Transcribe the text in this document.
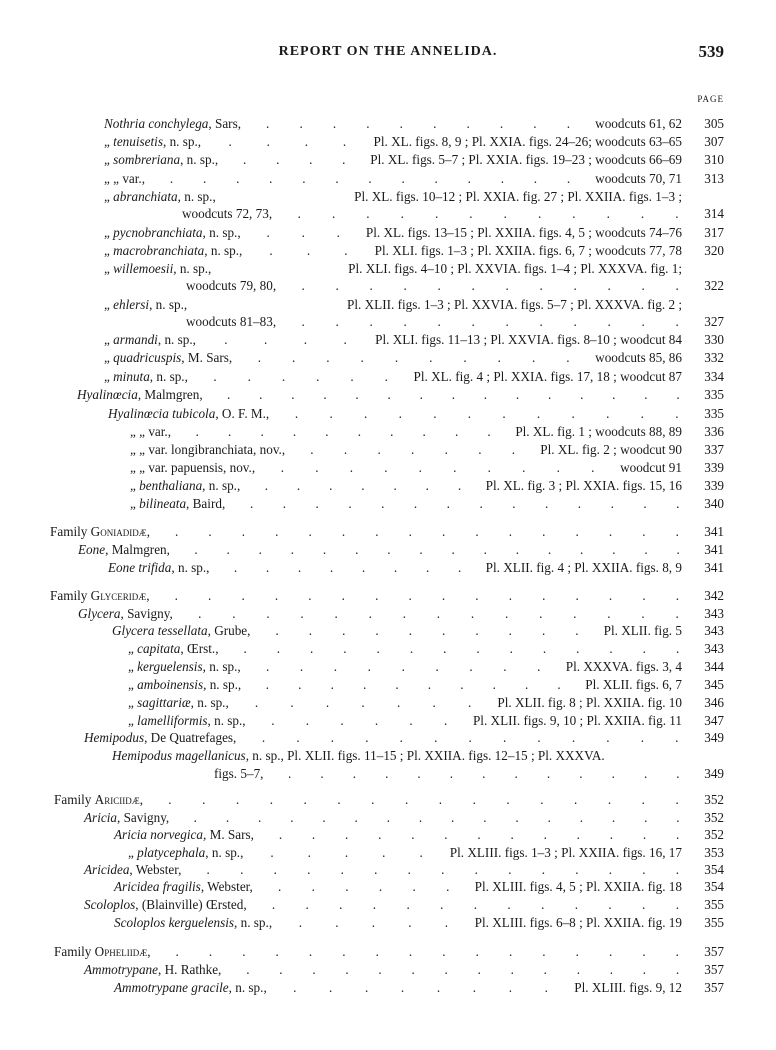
REPORT ON THE ANNELIDA.	539
PAGE
Nothria conchylega, Sars,	woodcuts 61, 62 305
. . . . . . . . . .
„ tenuisetis, n. sp.,	Pl. XL. figs. 8, 9 ; Pl. XXIA. figs. 24–26; woodcuts 63–65 307
.	.	.	.
„ sombreriana, n. sp.,	Pl. XL. figs. 5–7 ; Pl. XXIA. figs. 19–23 ; woodcuts 66–69 310
. . . .
„ „ var.,	woodcuts 70, 71 313
. . . . . . . . . . . . .
„ abranchiata, n. sp.,	Pl. XL. figs. 10–12 ; Pl. XXIA. fig. 27 ; Pl. XXIIA. figs. 1–3 ;
woodcuts 72, 73,	314
. . . . . . . . . . . .
„ pycnobranchiata, n. sp.,	Pl. XL. figs. 13–15 ; Pl. XXIIA. figs. 4, 5 ; woodcuts 74–76 317
. . .
„ macrobranchiata, n. sp.,	Pl. XLI. figs. 1–3 ; Pl. XXIIA. figs. 6, 7 ; woodcuts 77, 78 320
.	.	.
„ willemoesii, n. sp.,	Pl. XLI. figs. 4–10 ; Pl. XXVIA. figs. 1–4 ; Pl. XXXVA. fig. 1;
woodcuts 79, 80,	322
. . . . . . . . . . . .
„ ehlersi, n. sp.,	Pl. XLII. figs. 1–3 ; Pl. XXVIA. figs. 5–7 ; Pl. XXXVA. fig. 2 ;
woodcuts 81–83,	327
. . . . . . . . . . . .
„ armandi, n. sp.,	Pl. XLI. figs. 11–13 ; Pl. XXVIA. figs. 8–10 ; woodcut 84 330
.	.	.	.
„ quadricuspis, M. Sars,	woodcuts 85, 86 332
. . . . . . . . . .
„ minuta, n. sp.,	Pl. XL. fig. 4 ; Pl. XXIA. figs. 17, 18 ; woodcut 87 334
. . . . . .
Hyalinœcia, Malmgren,	335
. . . . . . . . . . . . . . .
Hyalinœcia tubicola, O. F. M.,	335
. . . . . . . . . . . .
„ „ var.,	Pl. XL. fig. 1 ; woodcuts 88, 89 336
. . . . . . . . . .
„ „ var. longibranchiata, nov.,	Pl. XL. fig. 2 ; woodcut 90 337
. . . . . . .
„ „ var. papuensis, nov.,	woodcut 91 339
. . . . . . . . . .
„ benthaliana, n. sp.,	Pl. XL. fig. 3 ; Pl. XXIA. figs. 15, 16 339
. . . . . . .
„ bilineata, Baird,	340
. . . . . . . . . . . . . .
Family Goniadidæ,	341
. . . . . . . . . . . . . . . .
Eone, Malmgren,	341
. . . . . . . . . . . . . . . .
Eone trifida, n. sp.,	Pl. XLII. fig. 4 ; Pl. XXIIA. figs. 8, 9 341
. . . . . . . .
Family Glyceridæ,	342
. . . . . . . . . . . . . . . .
Glycera, Savigny,	343
. . . . . . . . . . . . . . .
Glycera tessellata, Grube,	Pl. XLII. fig. 5 343
. . . . . . . . . .
„ capitata, Œrst.,	343
. . . . . . . . . . . . . .
„ kerguelensis, n. sp.,	Pl. XXXVA. figs. 3, 4 344
. . . . . . . . .
„ amboinensis, n. sp.,	Pl. XLII. figs. 6, 7 345
. . . . . . . . . .
„ sagittariæ, n. sp.,	Pl. XLII. fig. 8 ; Pl. XXIIA. fig. 10 346
. . . . . . .
„ lamelliformis, n. sp.,	Pl. XLII. figs. 9, 10 ; Pl. XXIIA. fig. 11 347
. . . . . .
Hemipodus, De Quatrefages,	349
. . . . . . . . . . . . .
Hemipodus magellanicus, n. sp., Pl. XLII. figs. 11–15 ; Pl. XXIIA. figs. 12–15 ; Pl. XXXVA.
figs. 5–7,	349
. . . . . . . . . . . . .
Family Ariciidæ,	352
. . . . . . . . . . . . . . . .
Aricia, Savigny,	352
. . . . . . . . . . . . . . . .
Aricia norvegica, M. Sars,	352
. . . . . . . . . . . . .
„ platycephala, n. sp.,	Pl. XLIII. figs. 1–3 ; Pl. XXIIA. figs. 16, 17 353
.	.	.	.	.
Aricidea, Webster,	354
. . . . . . . . . . . . . . .
Aricidea fragilis, Webster,	Pl. XLIII. figs. 4, 5 ; Pl. XXIIA. fig. 18 354
. . . . . .
Scoloplos, (Blainville) Œrsted,	355
. . . . . . . . . . . . .
Scoloplos kerguelensis, n. sp.,	Pl. XLIII. figs. 6–8 ; Pl. XXIIA. fig. 19 355
.	.	.	.	.
Family Opheliidæ,	357
. . . . . . . . . . . . . . . .
Ammotrypane, H. Rathke,	357
. . . . . . . . . . . . . .
Ammotrypane gracile, n. sp.,	Pl. XLIII. figs. 9, 12 357
. . . . . . . .
